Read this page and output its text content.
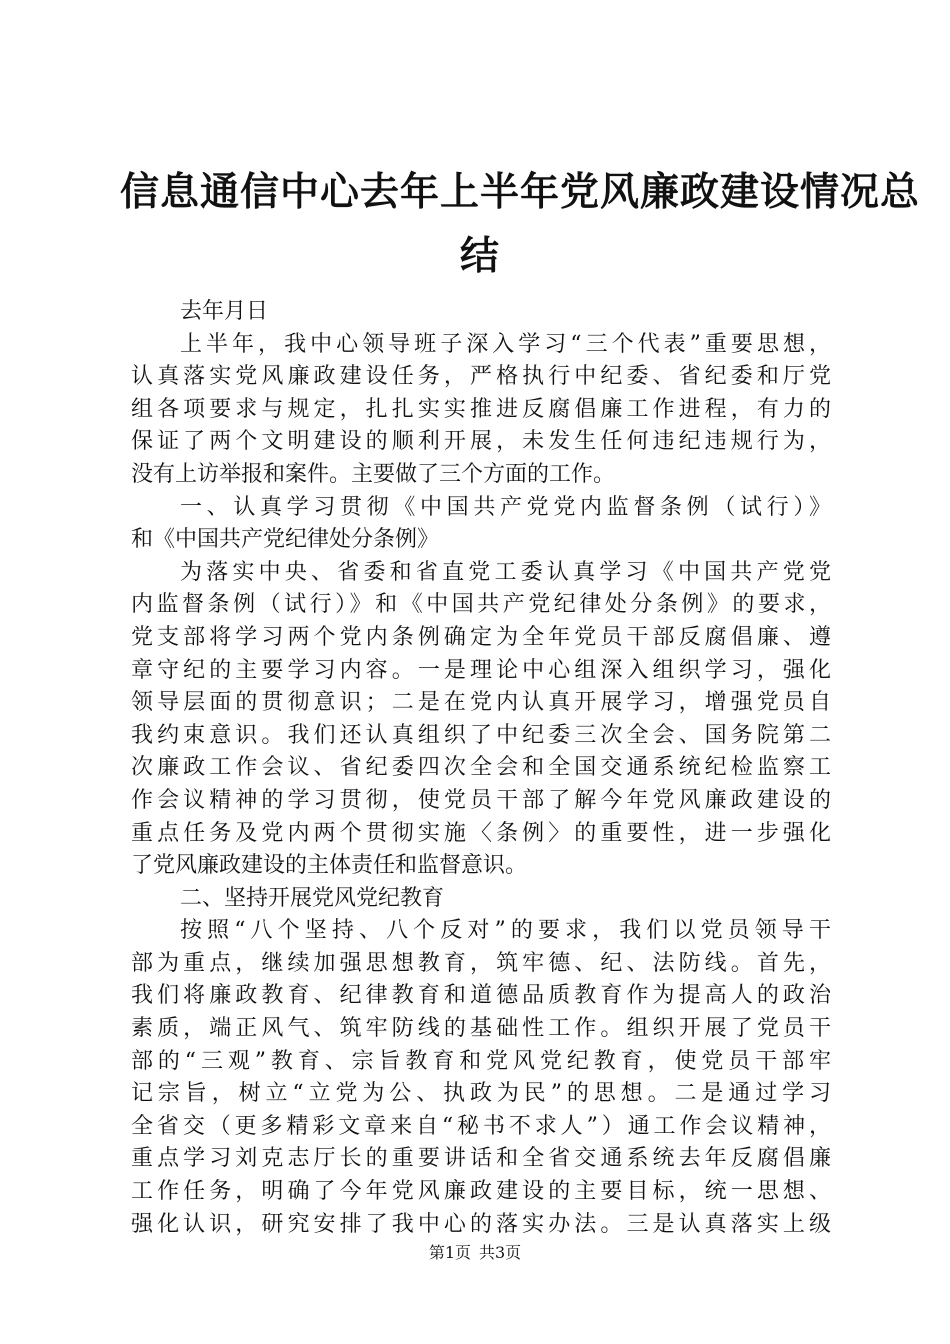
信息通信中心去年上半年党风廉政建设情况总
结
去年月日
上半年，我中心领导班子深入学习“三个代表”重要思想，
认真落实党风廉政建设任务，严格执行中纪委、省纪委和厅党
组各项要求与规定，扎扎实实推进反腐倡廉工作进程，有力的
保证了两个文明建设的顺利开展，未发生任何违纪违规行为，
没有上访举报和案件。主要做了三个方面的工作。
一、认真学习贯彻《中国共产党党内监督条例（试行）》
和《中国共产党纪律处分条例》
为落实中央、省委和省直党工委认真学习《中国共产党党
内监督条例（试行）》和《中国共产党纪律处分条例》的要求，
党支部将学习两个党内条例确定为全年党员干部反腐倡廉、遵
章守纪的主要学习内容。一是理论中心组深入组织学习，强化
领导层面的贯彻意识；二是在党内认真开展学习，增强党员自
我约束意识。我们还认真组织了中纪委三次全会、国务院第二
次廉政工作会议、省纪委四次全会和全国交通系统纪检监察工
作会议精神的学习贯彻，使党员干部了解今年党风廉政建设的
重点任务及党内两个贯彻实施〈条例〉的重要性，进一步强化
了党风廉政建设的主体责任和监督意识。
二、坚持开展党风党纪教育
按照“八个坚持、八个反对”的要求，我们以党员领导干
部为重点，继续加强思想教育，筑牢德、纪、法防线。首先，
我们将廉政教育、纪律教育和道德品质教育作为提高人的政治
素质，端正风气、筑牢防线的基础性工作。组织开展了党员干
部的“三观”教育、宗旨教育和党风党纪教育，使党员干部牢
记宗旨，树立“立党为公、执政为民”的思想。二是通过学习
全省交（更多精彩文章来自“秘书不求人”）通工作会议精神，
重点学习刘克志厅长的重要讲话和全省交通系统去年反腐倡廉
工作任务，明确了今年党风廉政建设的主要目标，统一思想、
强化认识，研究安排了我中心的落实办法。三是认真落实上级
第1页 共3页
